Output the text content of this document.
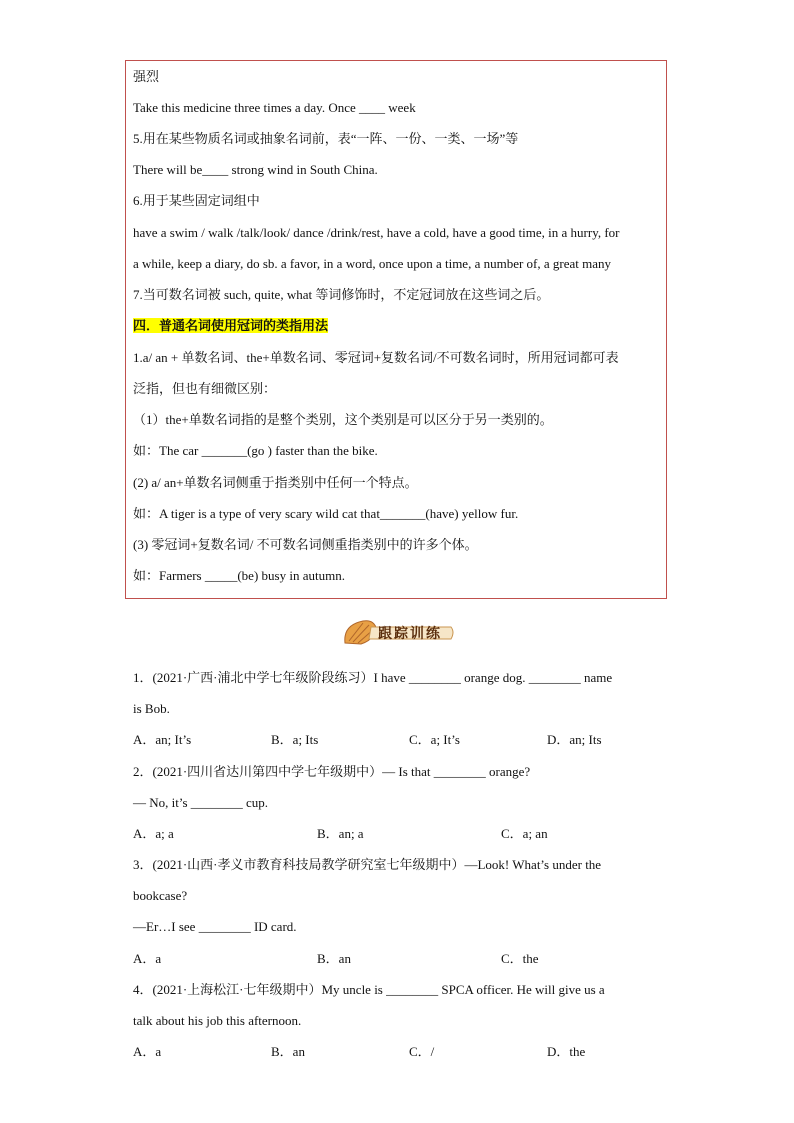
强烈
Take this medicine three times a day. Once ____ week
5.用在某些物质名词或抽象名词前，表“一阵、一份、一类、一场”等
There will be____ strong wind in South China.
6.用于某些固定词组中
have a swim / walk /talk/look/ dance /drink/rest, have a cold, have a good time, in a hurry, for
a while, keep a diary, do sb. a favor, in a word, once upon a time, a number of, a great many
7.当可数名词被 such, quite, what 等词修饰时，不定冠词放在这些词之后。
四．普通名词使用冠词的类指用法
1.a/ an + 单数名词、the+单数名词、零冠词+复数名词/不可数名词时，所用冠词都可表
泛指，但也有细微区别：
（1）the+单数名词指的是整个类别，这个类别是可以区分于另一类别的。
如：The car _______(go ) faster than the bike.
(2) a/ an+单数名词侧重于指类别中任何一个特点。
如：A tiger is a type of very scary wild cat that_______(have) yellow fur.
(3) 零冠词+复数名词/ 不可数名词侧重指类别中的许多个体。
如：Farmers _____(be) busy in autumn.
跟踪训练
1．(2021·广西·浦北中学七年级阶段练习）I have ________ orange dog. ________ name
is Bob.
A．an; It’s	B．a; Its	C．a; It’s	D．an; Its
2．(2021·四川省达川第四中学七年级期中）— Is that ________ orange?
— No, it’s ________ cup.
A．a; a	B．an; a	C．a; an
3．(2021·山西·孝义市教育科技局教学研究室七年级期中）—Look! What’s under the
bookcase?
—Er…I see ________ ID card.
A．a	B．an	C．the
4．(2021·上海松江·七年级期中）My uncle is ________ SPCA officer. He will give us a
talk about his job this afternoon.
A．a	B．an	C．/	D．the
